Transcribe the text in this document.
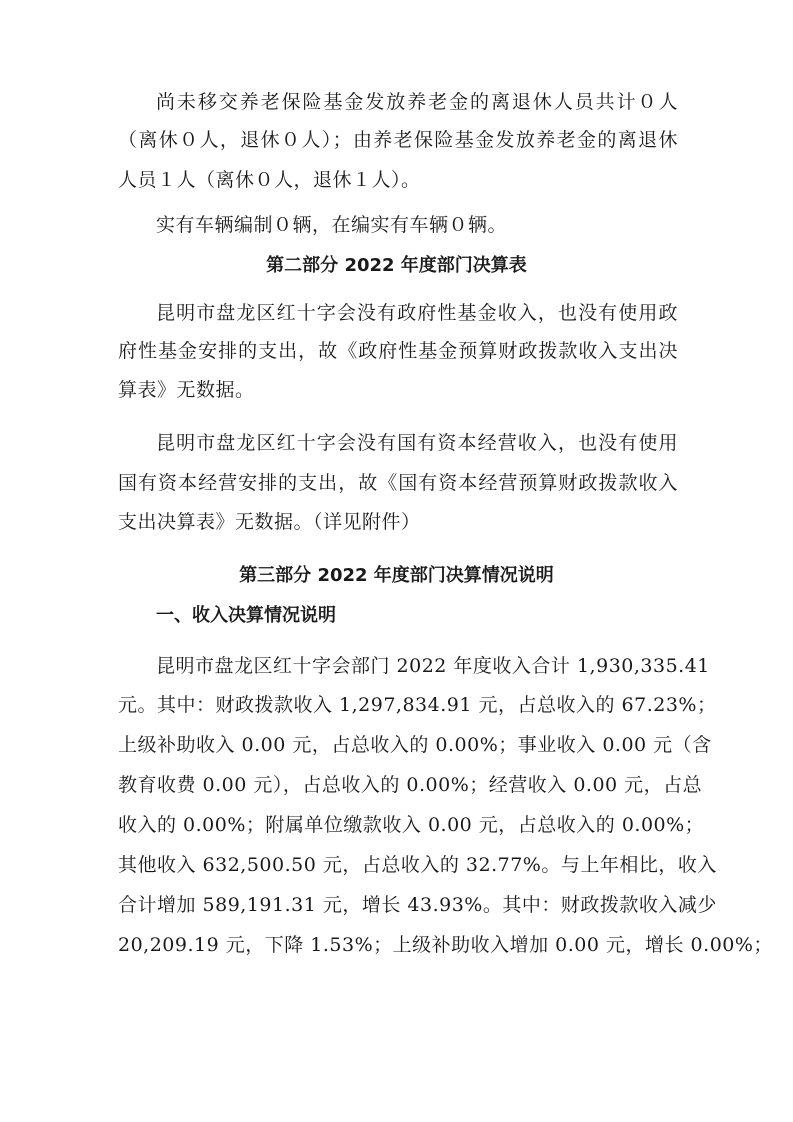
尚未移交养老保险基金发放养老金的离退休人员共计０人
（离休０人，退休０人）；由养老保险基金发放养老金的离退休
人员１人（离休０人，退休１人）。
实有车辆编制０辆，在编实有车辆０辆。
第二部分 2022 年度部门决算表
昆明市盘龙区红十字会没有政府性基金收入，也没有使用政
府性基金安排的支出，故《政府性基金预算财政拨款收入支出决
算表》无数据。
昆明市盘龙区红十字会没有国有资本经营收入，也没有使用
国有资本经营安排的支出，故《国有资本经营预算财政拨款收入
支出决算表》无数据。（详见附件）
第三部分 2022 年度部门决算情况说明
一、收入决算情况说明
昆明市盘龙区红十字会部门 2022 年度收入合计 1,930,335.41
元。其中：财政拨款收入 1,297,834.91 元，占总收入的 67.23%；
上级补助收入 0.00 元，占总收入的 0.00%；事业收入 0.00 元（含
教育收费 0.00 元），占总收入的 0.00%；经营收入 0.00 元，占总
收入的 0.00%；附属单位缴款收入 0.00 元，占总收入的 0.00%；
其他收入 632,500.50 元，占总收入的 32.77%。与上年相比，收入
合计增加 589,191.31 元，增长 43.93%。其中：财政拨款收入减少
20,209.19 元，下降 1.53%；上级补助收入增加 0.00 元，增长 0.00%；
